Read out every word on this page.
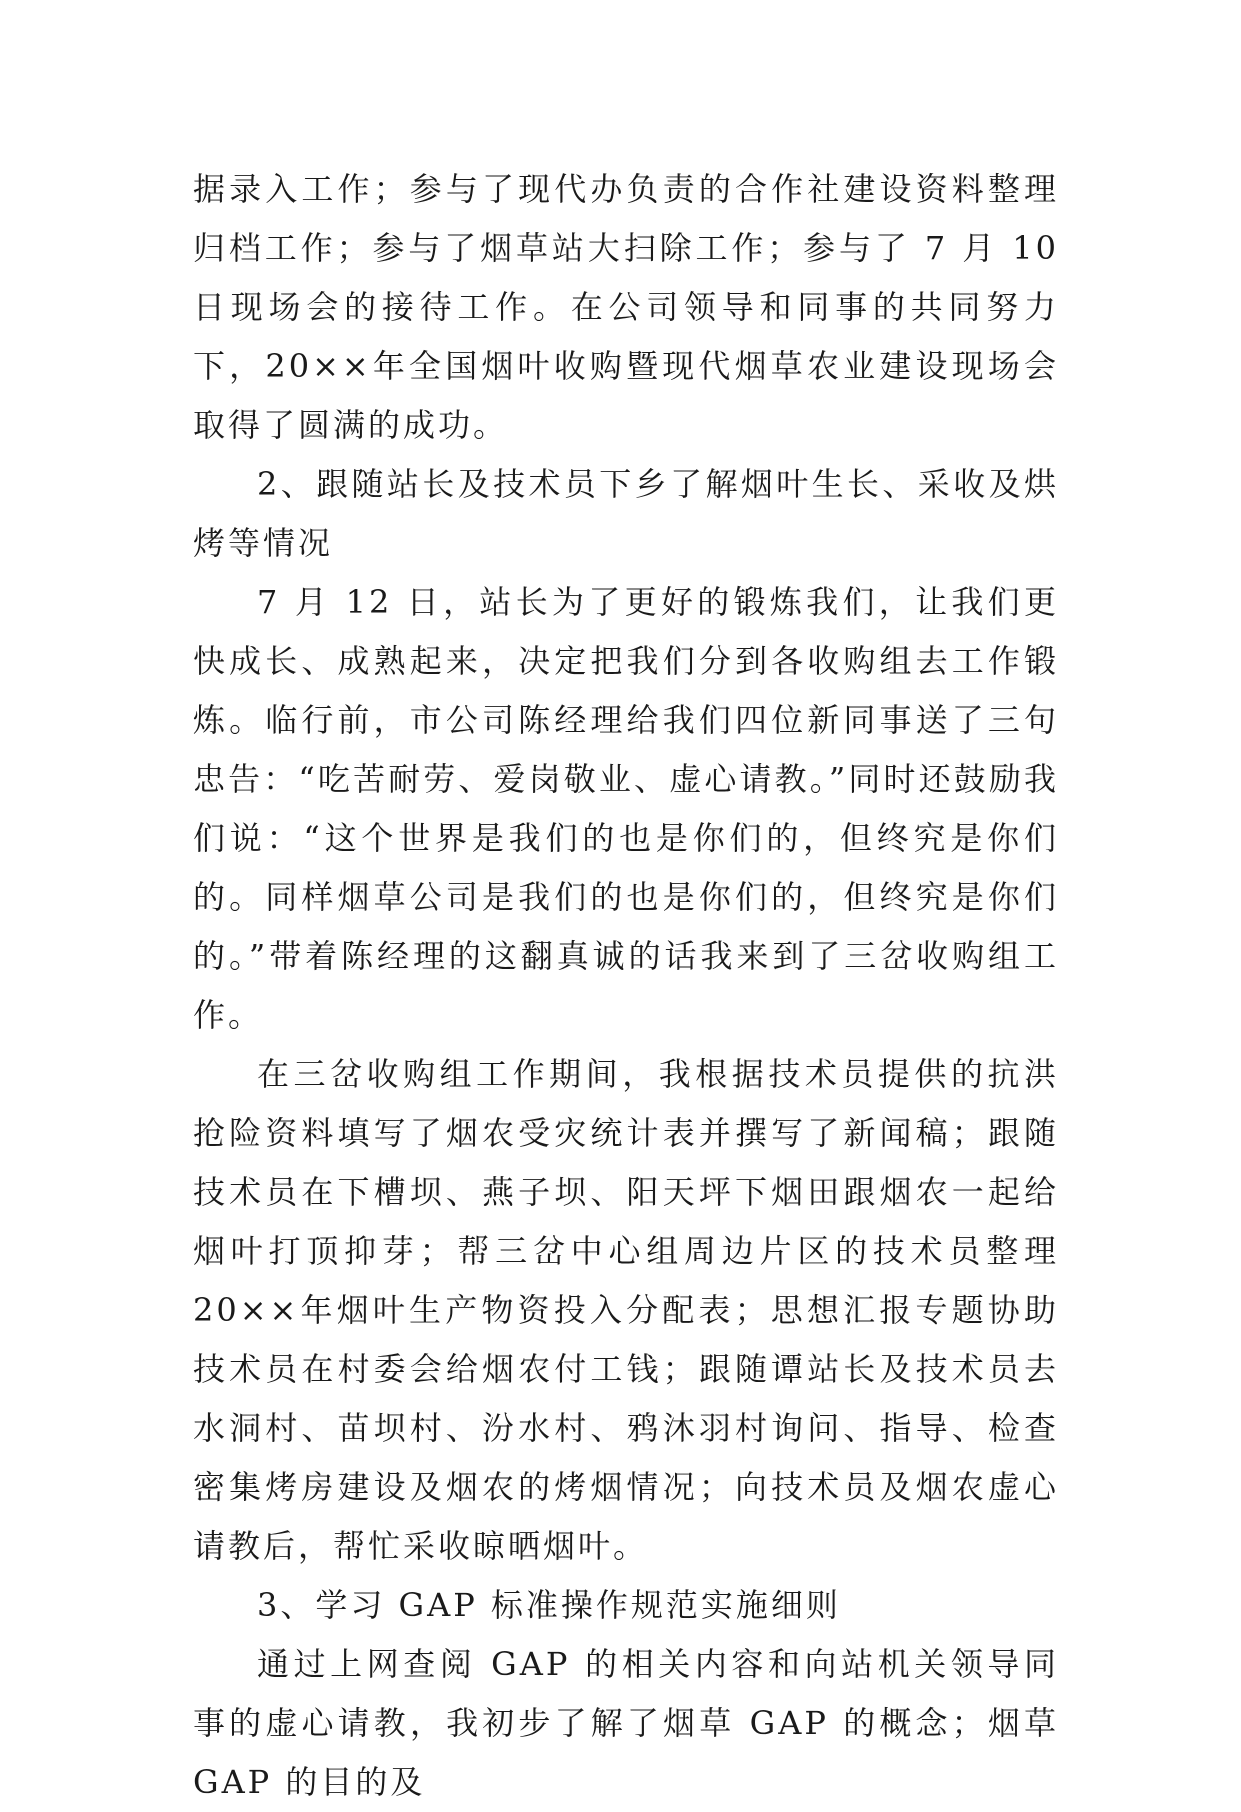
据录入工作；参与了现代办负责的合作社建设资料整理归档工作；参与了烟草站大扫除工作；参与了 7 月 10 日现场会的接待工作。在公司领导和同事的共同努力下，20××年全国烟叶收购暨现代烟草农业建设现场会取得了圆满的成功。

2、跟随站长及技术员下乡了解烟叶生长、采收及烘烤等情况

7 月 12 日，站长为了更好的锻炼我们，让我们更快成长、成熟起来，决定把我们分到各收购组去工作锻炼。临行前，市公司陈经理给我们四位新同事送了三句忠告：“吃苦耐劳、爱岗敬业、虚心请教。”同时还鼓励我们说：“这个世界是我们的也是你们的，但终究是你们的。同样烟草公司是我们的也是你们的，但终究是你们的。”带着陈经理的这翻真诚的话我来到了三岔收购组工作。

在三岔收购组工作期间，我根据技术员提供的抗洪抢险资料填写了烟农受灾统计表并撰写了新闻稿；跟随技术员在下槽坝、燕子坝、阳天坪下烟田跟烟农一起给烟叶打顶抑芽；帮三岔中心组周边片区的技术员整理 20××年烟叶生产物资投入分配表；思想汇报专题协助技术员在村委会给烟农付工钱；跟随谭站长及技术员去水洞村、苗坝村、汾水村、鸦沐羽村询问、指导、检查密集烤房建设及烟农的烤烟情况；向技术员及烟农虚心请教后，帮忙采收晾晒烟叶。

3、学习 GAP 标准操作规范实施细则

通过上网查阅 GAP 的相关内容和向站机关领导同事的虚心请教，我初步了解了烟草 GAP 的概念；烟草 GAP 的目的及
